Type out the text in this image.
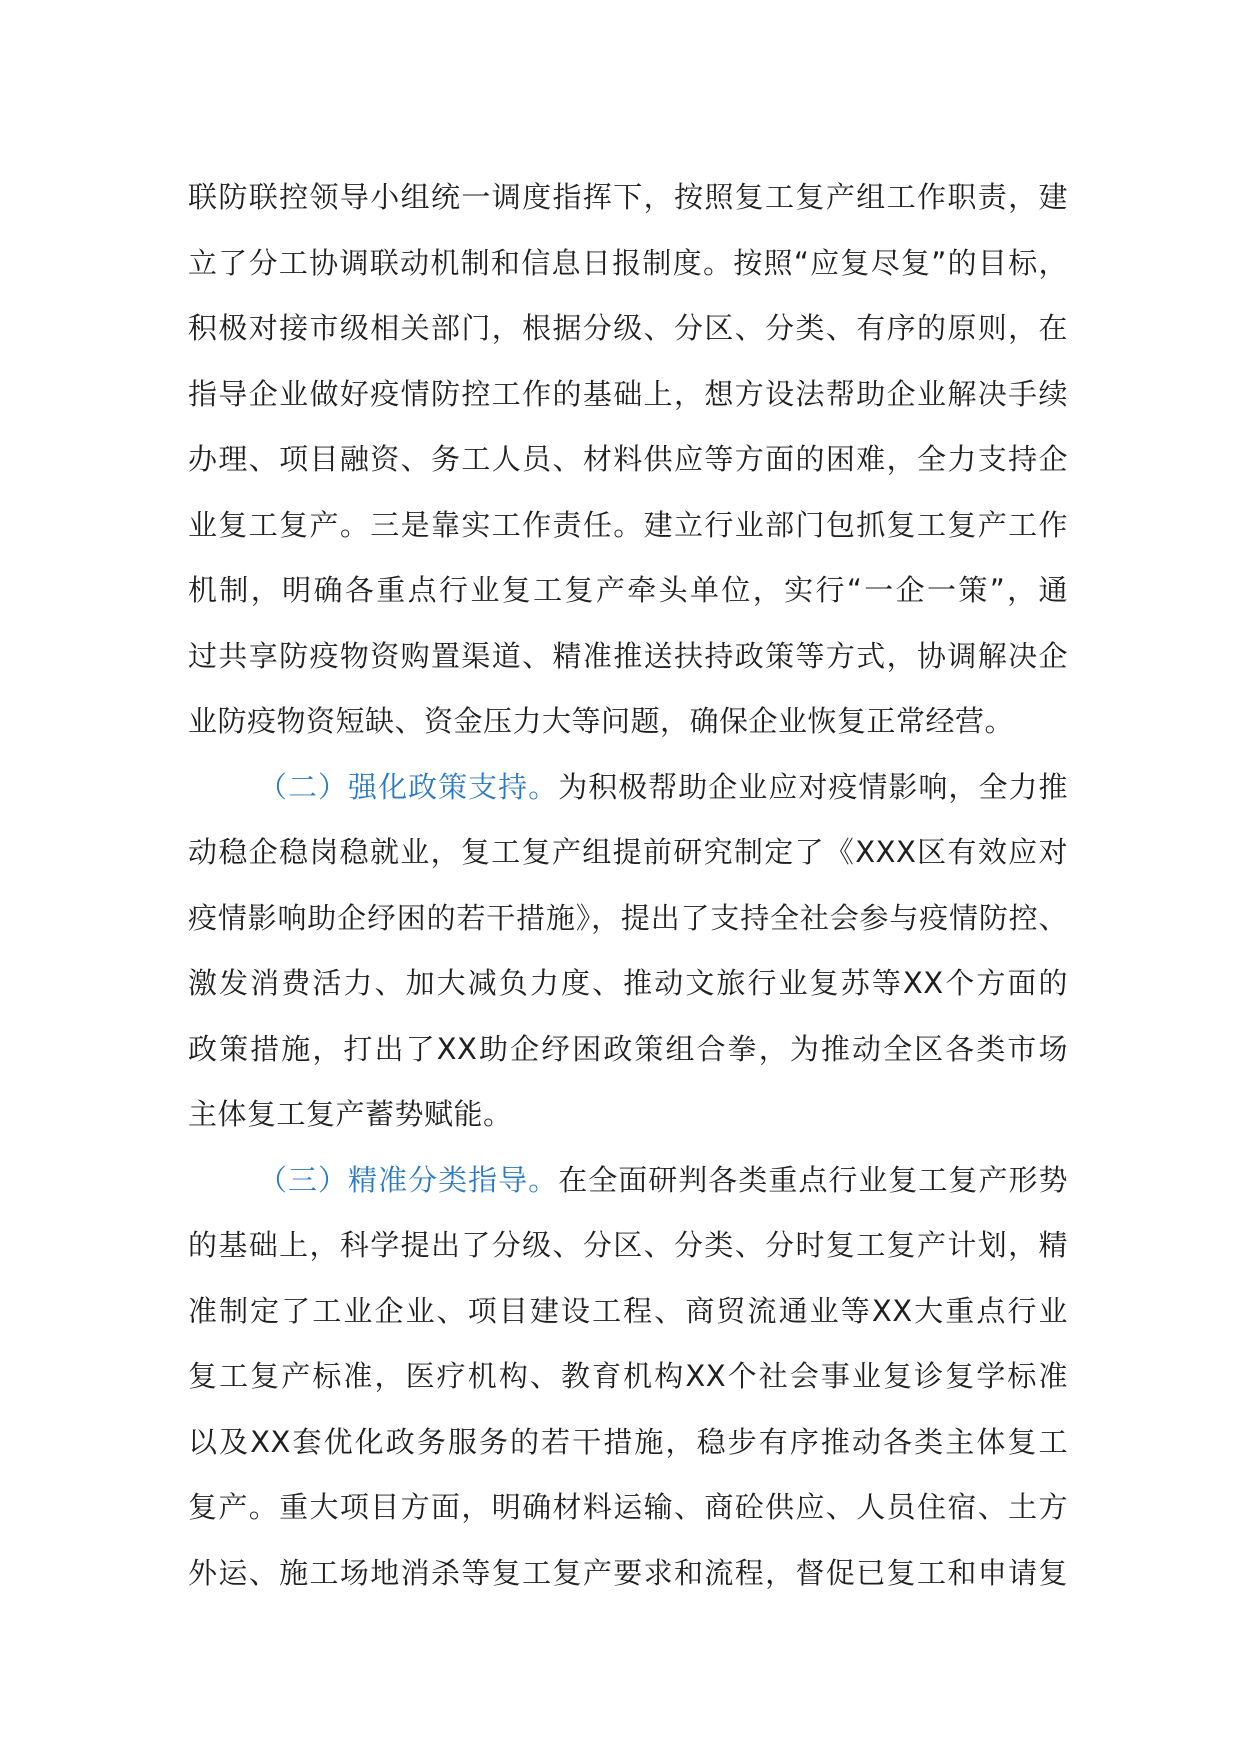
联防联控领导小组统一调度指挥下，按照复工复产组工作职责，建
立了分工协调联动机制和信息日报制度。按照“应复尽复”的目标，
积极对接市级相关部门，根据分级、分区、分类、有序的原则，在
指导企业做好疫情防控工作的基础上，想方设法帮助企业解决手续
办理、项目融资、务工人员、材料供应等方面的困难，全力支持企
业复工复产。三是靠实工作责任。建立行业部门包抓复工复产工作
机制，明确各重点行业复工复产牵头单位，实行“一企一策”，通
过共享防疫物资购置渠道、精准推送扶持政策等方式，协调解决企
业防疫物资短缺、资金压力大等问题，确保企业恢复正常经营。
（二）强化政策支持。为积极帮助企业应对疫情影响，全力推
动稳企稳岗稳就业，复工复产组提前研究制定了《XXX区有效应对
疫情影响助企纾困的若干措施》，提出了支持全社会参与疫情防控、
激发消费活力、加大减负力度、推动文旅行业复苏等XX个方面的
政策措施，打出了XX助企纾困政策组合拳，为推动全区各类市场
主体复工复产蓄势赋能。
（三）精准分类指导。在全面研判各类重点行业复工复产形势
的基础上，科学提出了分级、分区、分类、分时复工复产计划，精
准制定了工业企业、项目建设工程、商贸流通业等XX大重点行业
复工复产标准，医疗机构、教育机构XX个社会事业复诊复学标准
以及XX套优化政务服务的若干措施，稳步有序推动各类主体复工
复产。重大项目方面，明确材料运输、商砼供应、人员住宿、土方
外运、施工场地消杀等复工复产要求和流程，督促已复工和申请复
